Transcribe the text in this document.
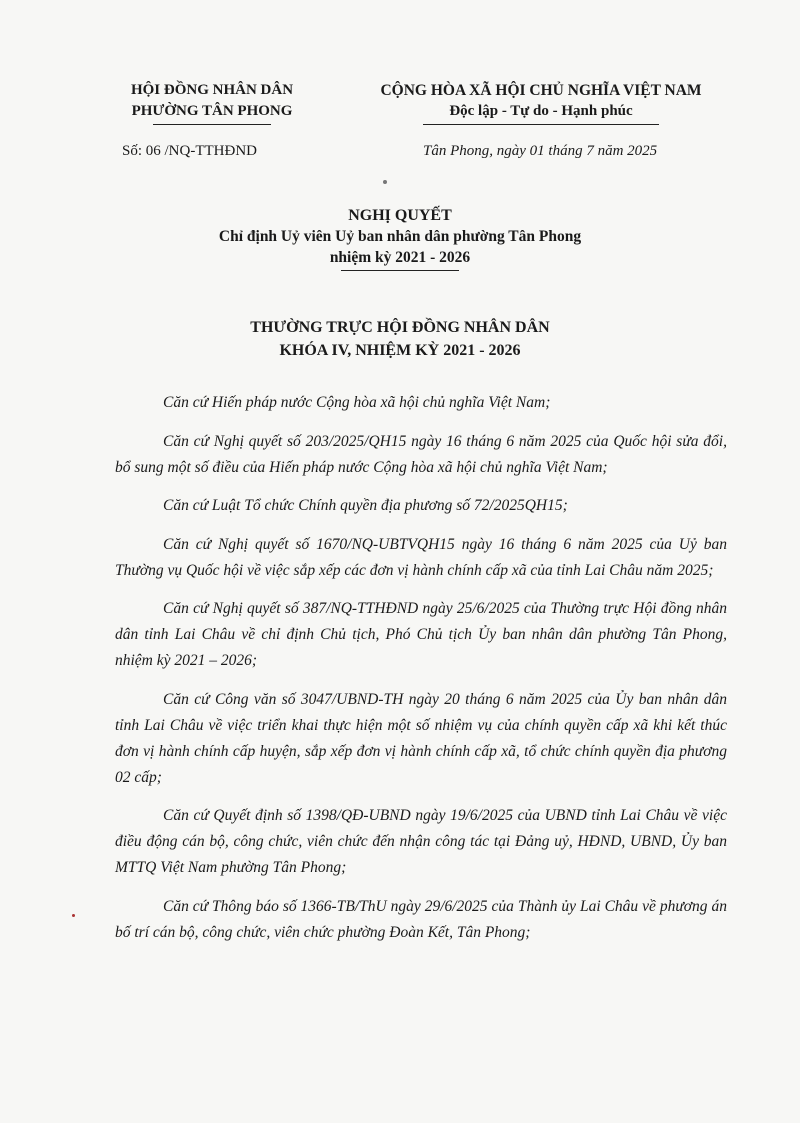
HỘI ĐỒNG NHÂN DÂN
PHƯỜNG TÂN PHONG
CỘNG HÒA XÃ HỘI CHỦ NGHĨA VIỆT NAM
Độc lập - Tự do - Hạnh phúc
Số: 06 /NQ-TTHĐND	Tân Phong, ngày 01 tháng 7 năm 2025
NGHỊ QUYẾT
Chỉ định Uỷ viên Uỷ ban nhân dân phường Tân Phong
nhiệm kỳ 2021 - 2026
THƯỜNG TRỰC HỘI ĐỒNG NHÂN DÂN
KHÓA IV, NHIỆM KỲ 2021 - 2026

Căn cứ Hiến pháp nước Cộng hòa xã hội chủ nghĩa Việt Nam;

Căn cứ Nghị quyết số 203/2025/QH15 ngày 16 tháng 6 năm 2025 của Quốc hội sửa đổi, bổ sung một số điều của Hiến pháp nước Cộng hòa xã hội chủ nghĩa Việt Nam;

Căn cứ Luật Tổ chức Chính quyền địa phương số 72/2025QH15;

Căn cứ Nghị quyết số 1670/NQ-UBTVQH15 ngày 16 tháng 6 năm 2025 của Uỷ ban Thường vụ Quốc hội về việc sắp xếp các đơn vị hành chính cấp xã của tỉnh Lai Châu năm 2025;

Căn cứ Nghị quyết số 387/NQ-TTHĐND ngày 25/6/2025 của Thường trực Hội đồng nhân dân tỉnh Lai Châu về chỉ định Chủ tịch, Phó Chủ tịch Ủy ban nhân dân phường Tân Phong, nhiệm kỳ 2021 – 2026;

Căn cứ Công văn số 3047/UBND-TH ngày 20 tháng 6 năm 2025 của Ủy ban nhân dân tỉnh Lai Châu về việc triển khai thực hiện một số nhiệm vụ của chính quyền cấp xã khi kết thúc đơn vị hành chính cấp huyện, sắp xếp đơn vị hành chính cấp xã, tổ chức chính quyền địa phương 02 cấp;

Căn cứ Quyết định số 1398/QĐ-UBND ngày 19/6/2025 của UBND tỉnh Lai Châu về việc điều động cán bộ, công chức, viên chức đến nhận công tác tại Đảng uỷ, HĐND, UBND, Ủy ban MTTQ Việt Nam phường Tân Phong;

Căn cứ Thông báo số 1366-TB/ThU ngày 29/6/2025 của Thành ủy Lai Châu về phương án bố trí cán bộ, công chức, viên chức phường Đoàn Kết, Tân Phong;
